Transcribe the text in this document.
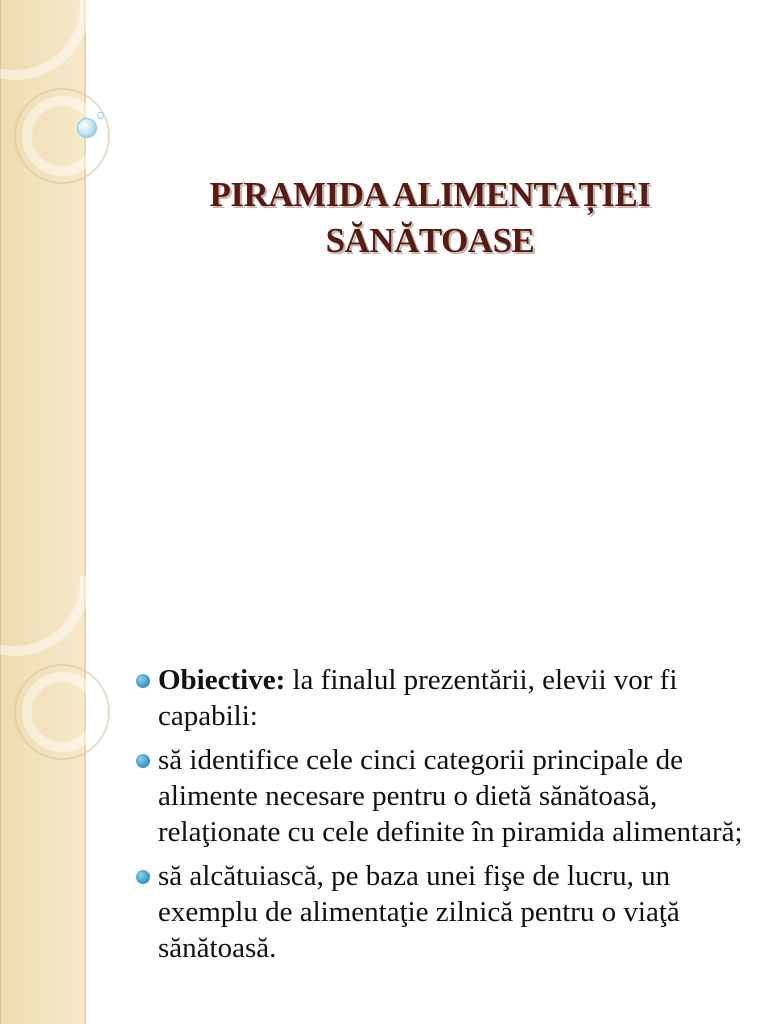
PIRAMIDA ALIMENTAȚIEI
SĂNĂTOASE
Obiective: la finalul prezentării, elevii vor fi capabili:
să identifice cele cinci categorii principale de alimente necesare pentru o dietă sănătoasă, relaţionate cu cele definite în piramida alimentară;
să alcătuiască, pe baza unei fişe de lucru, un exemplu de alimentaţie zilnică pentru o viaţă sănătoasă.
